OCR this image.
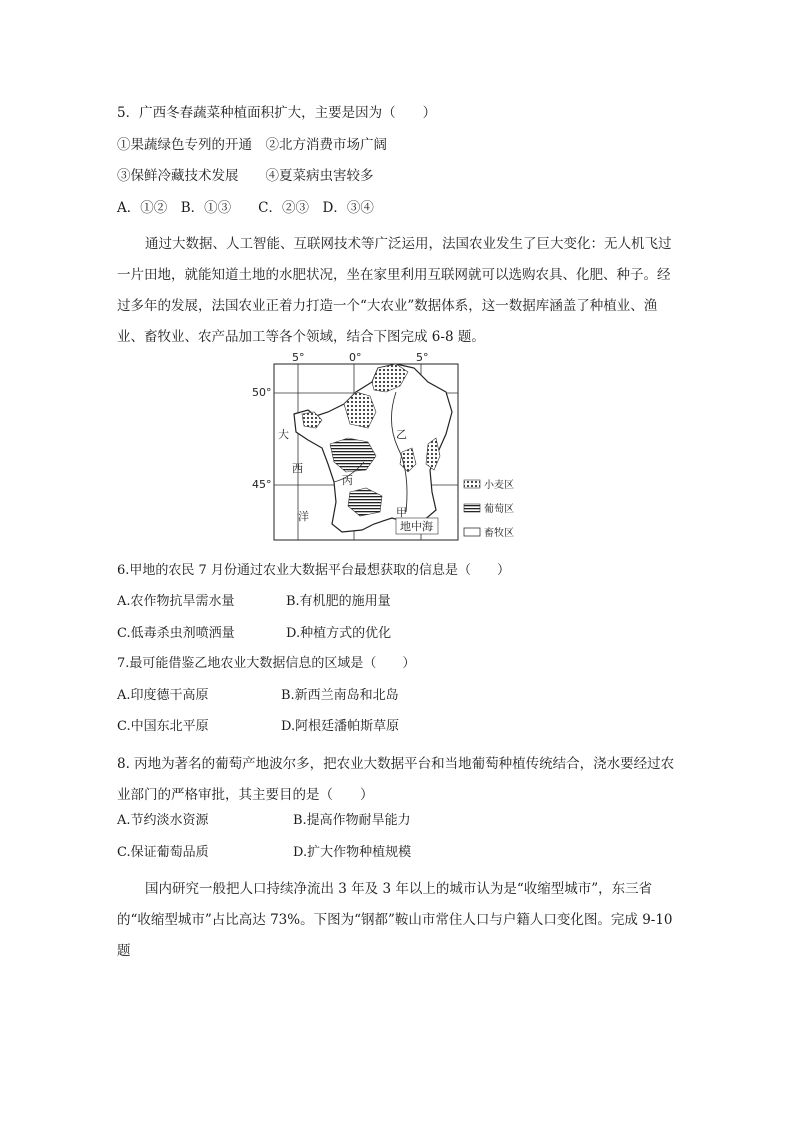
5．广西冬春蔬菜种植面积扩大，主要是因为（　　）
①果蔬绿色专列的开通　②北方消费市场广阔
③保鲜冷藏技术发展　　④夏菜病虫害较多
A．①②　B．①③　　C．②③　D．③④
通过大数据、人工智能、互联网技术等广泛运用，法国农业发生了巨大变化：无人机飞过一片田地，就能知道土地的水肥状况，坐在家里利用互联网就可以选购农具、化肥、种子。经过多年的发展，法国农业正着力打造一个“大农业”数据体系，这一数据库涵盖了种植业、渔业、畜牧业、农产品加工等各个领域，结合下图完成 6-8 题。
5°	0°	5°
50°
45°
大
西
洋
乙
丙
甲
地中海
小麦区
葡萄区
畜牧区
6.甲地的农民 7 月份通过农业大数据平台最想获取的信息是（　　）
A.农作物抗旱需水量	B.有机肥的施用量
C.低毒杀虫剂喷洒量	D.种植方式的优化
7.最可能借鉴乙地农业大数据信息的区域是（　　）
A.印度德干高原	B.新西兰南岛和北岛
C.中国东北平原	D.阿根廷潘帕斯草原
8. 丙地为著名的葡萄产地波尔多，把农业大数据平台和当地葡萄种植传统结合，浇水要经过农业部门的严格审批，其主要目的是（　　）
A.节约淡水资源	B.提高作物耐旱能力
C.保证葡萄品质	D.扩大作物种植规模
国内研究一般把人口持续净流出 3 年及 3 年以上的城市认为是“收缩型城市”，东三省的“收缩型城市”占比高达 73%。下图为“钢都”鞍山市常住人口与户籍人口变化图。完成 9-10 题
